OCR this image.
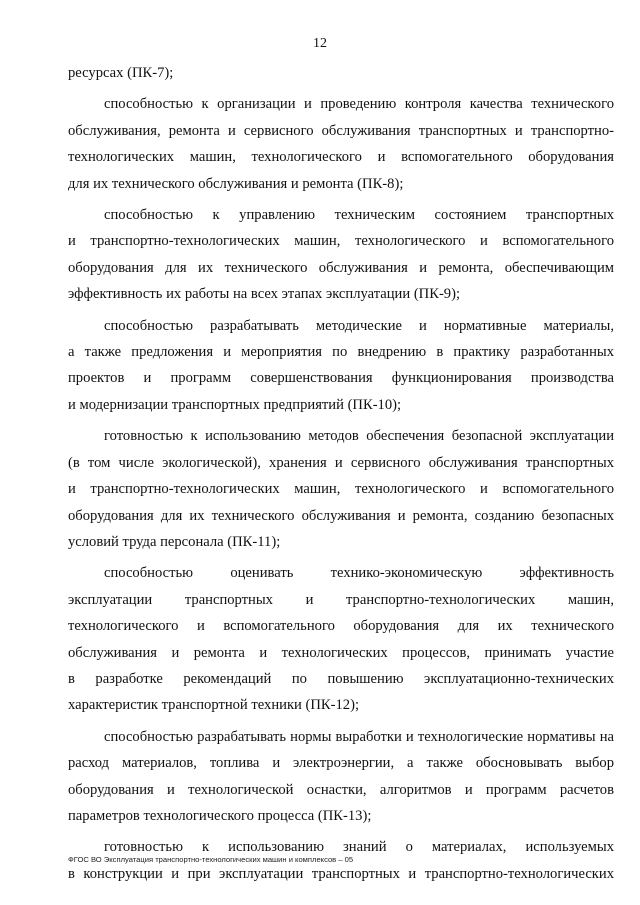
12

ресурсах (ПК-7);

способностью к организации и проведению контроля качества технического
обслуживания, ремонта и сервисного обслуживания транспортных и транспортно-
технологических машин, технологического и вспомогательного оборудования
для их технического обслуживания и ремонта (ПК-8);

способностью к управлению техническим состоянием транспортных
и транспортно-технологических машин, технологического и вспомогательного
оборудования для их технического обслуживания и ремонта, обеспечивающим
эффективность их работы на всех этапах эксплуатации (ПК-9);

способностью разрабатывать методические и нормативные материалы,
а также предложения и мероприятия по внедрению в практику разработанных
проектов и программ совершенствования функционирования производства
и модернизации транспортных предприятий (ПК-10);

готовностью к использованию методов обеспечения безопасной эксплуатации
(в том числе экологической), хранения и сервисного обслуживания транспортных
и транспортно-технологических машин, технологического и вспомогательного
оборудования для их технического обслуживания и ремонта, созданию безопасных
условий труда персонала (ПК-11);

способностью оценивать технико-экономическую эффективность
эксплуатации транспортных и транспортно-технологических машин,
технологического и вспомогательного оборудования для их технического
обслуживания и ремонта и технологических процессов, принимать участие
в разработке рекомендаций по повышению эксплуатационно-технических
характеристик транспортной техники (ПК-12);

способностью разрабатывать нормы выработки и технологические нормативы на
расход материалов, топлива и электроэнергии, а также обосновывать выбор
оборудования и технологической оснастки, алгоритмов и программ расчетов
параметров технологического процесса (ПК-13);

готовностью к использованию знаний о материалах, используемых
в конструкции и при эксплуатации транспортных и транспортно-технологических

ФГОС ВО Эксплуатация транспортно-технологических машин и комплексов – 05
